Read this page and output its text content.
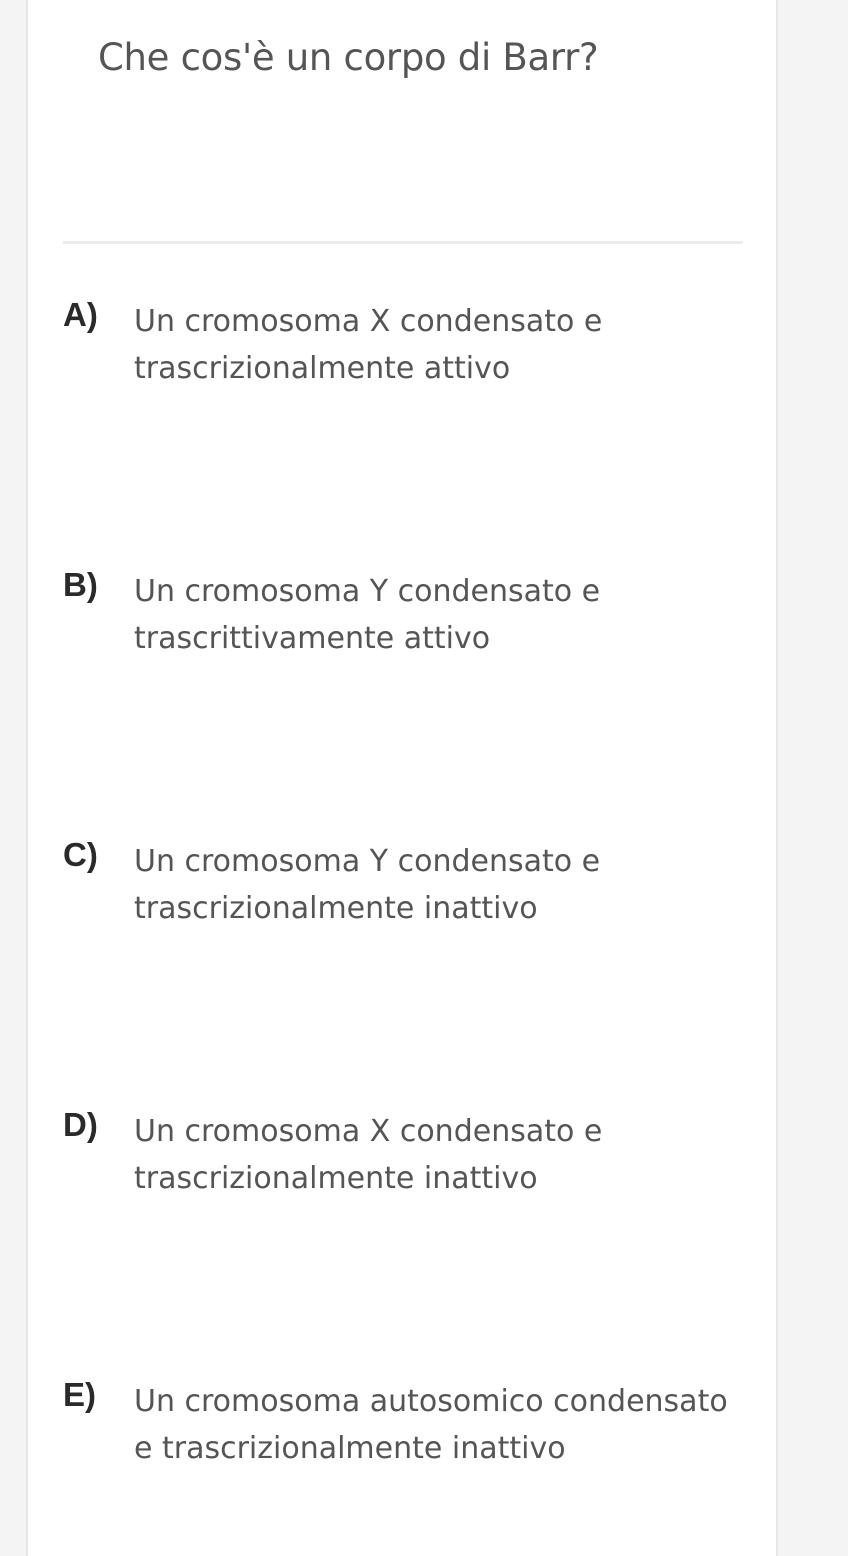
Che cos'è un corpo di Barr?
A) Un cromosoma X condensato e trascrizionalmente attivo
B) Un cromosoma Y condensato e trascrittivamente attivo
C) Un cromosoma Y condensato e trascrizionalmente inattivo
D) Un cromosoma X condensato e trascrizionalmente inattivo
E) Un cromosoma autosomico condensato e trascrizionalmente inattivo
